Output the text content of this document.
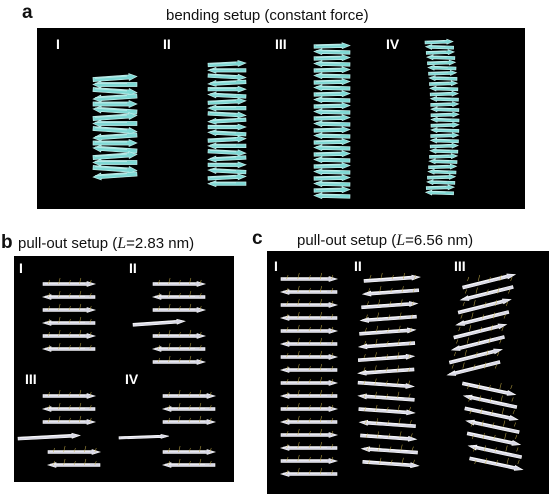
a	bending setup (constant force)
I	II	III	IV
b pull-out setup (L=2.83 nm)
I	II
III	IV
c pull-out setup (L=6.56 nm)
I	II	III
